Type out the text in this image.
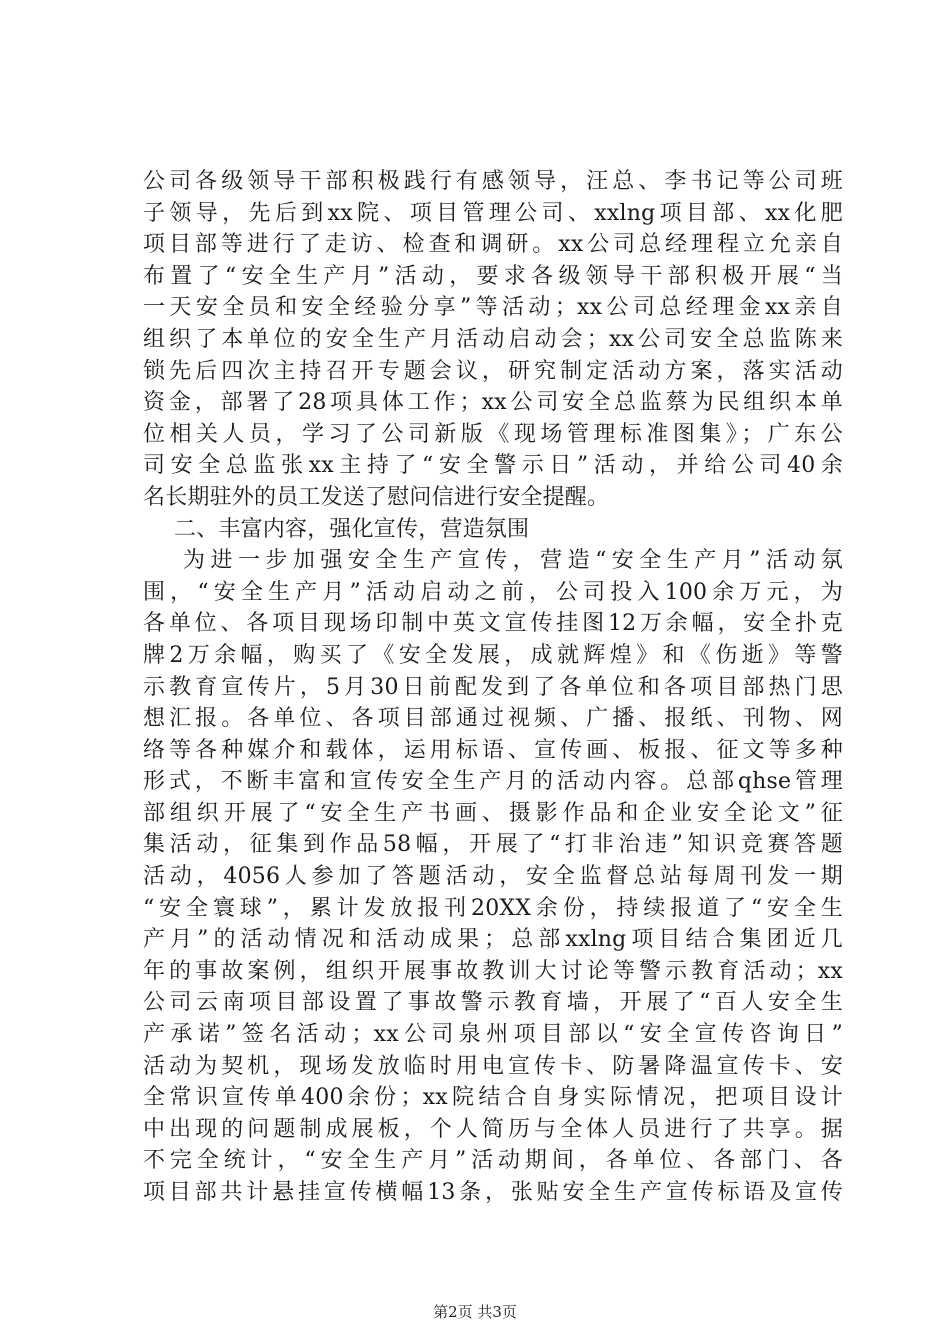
公司各级领导干部积极践行有感领导，汪总、李书记等公司班
子领导，先后到xx院、项目管理公司、xxlng项目部、xx化肥
项目部等进行了走访、检查和调研。xx公司总经理程立允亲自
布置了“安全生产月”活动，要求各级领导干部积极开展“当
一天安全员和安全经验分享”等活动；xx公司总经理金xx亲自
组织了本单位的安全生产月活动启动会；xx公司安全总监陈来
锁先后四次主持召开专题会议，研究制定活动方案，落实活动
资金，部署了28项具体工作；xx公司安全总监蔡为民组织本单
位相关人员，学习了公司新版《现场管理标准图集》；广东公
司安全总监张xx主持了“安全警示日”活动，并给公司40余
名长期驻外的员工发送了慰问信进行安全提醒。
二、丰富内容，强化宣传，营造氛围
为进一步加强安全生产宣传，营造“安全生产月”活动氛
围，“安全生产月”活动启动之前，公司投入100余万元，为
各单位、各项目现场印制中英文宣传挂图12万余幅，安全扑克
牌2万余幅，购买了《安全发展，成就辉煌》和《伤逝》等警
示教育宣传片，5月30日前配发到了各单位和各项目部热门思
想汇报。各单位、各项目部通过视频、广播、报纸、刊物、网
络等各种媒介和载体，运用标语、宣传画、板报、征文等多种
形式，不断丰富和宣传安全生产月的活动内容。总部qhse管理
部组织开展了“安全生产书画、摄影作品和企业安全论文”征
集活动，征集到作品58幅，开展了“打非治违”知识竞赛答题
活动，4056人参加了答题活动，安全监督总站每周刊发一期
“安全寰球”，累计发放报刊20XX余份，持续报道了“安全生
产月”的活动情况和活动成果；总部xxlng项目结合集团近几
年的事故案例，组织开展事故教训大讨论等警示教育活动；xx
公司云南项目部设置了事故警示教育墙，开展了“百人安全生
产承诺”签名活动；xx公司泉州项目部以“安全宣传咨询日”
活动为契机，现场发放临时用电宣传卡、防暑降温宣传卡、安
全常识宣传单400余份；xx院结合自身实际情况，把项目设计
中出现的问题制成展板，个人简历与全体人员进行了共享。据
不完全统计，“安全生产月”活动期间，各单位、各部门、各
项目部共计悬挂宣传横幅13条，张贴安全生产宣传标语及宣传
第2页 共3页
